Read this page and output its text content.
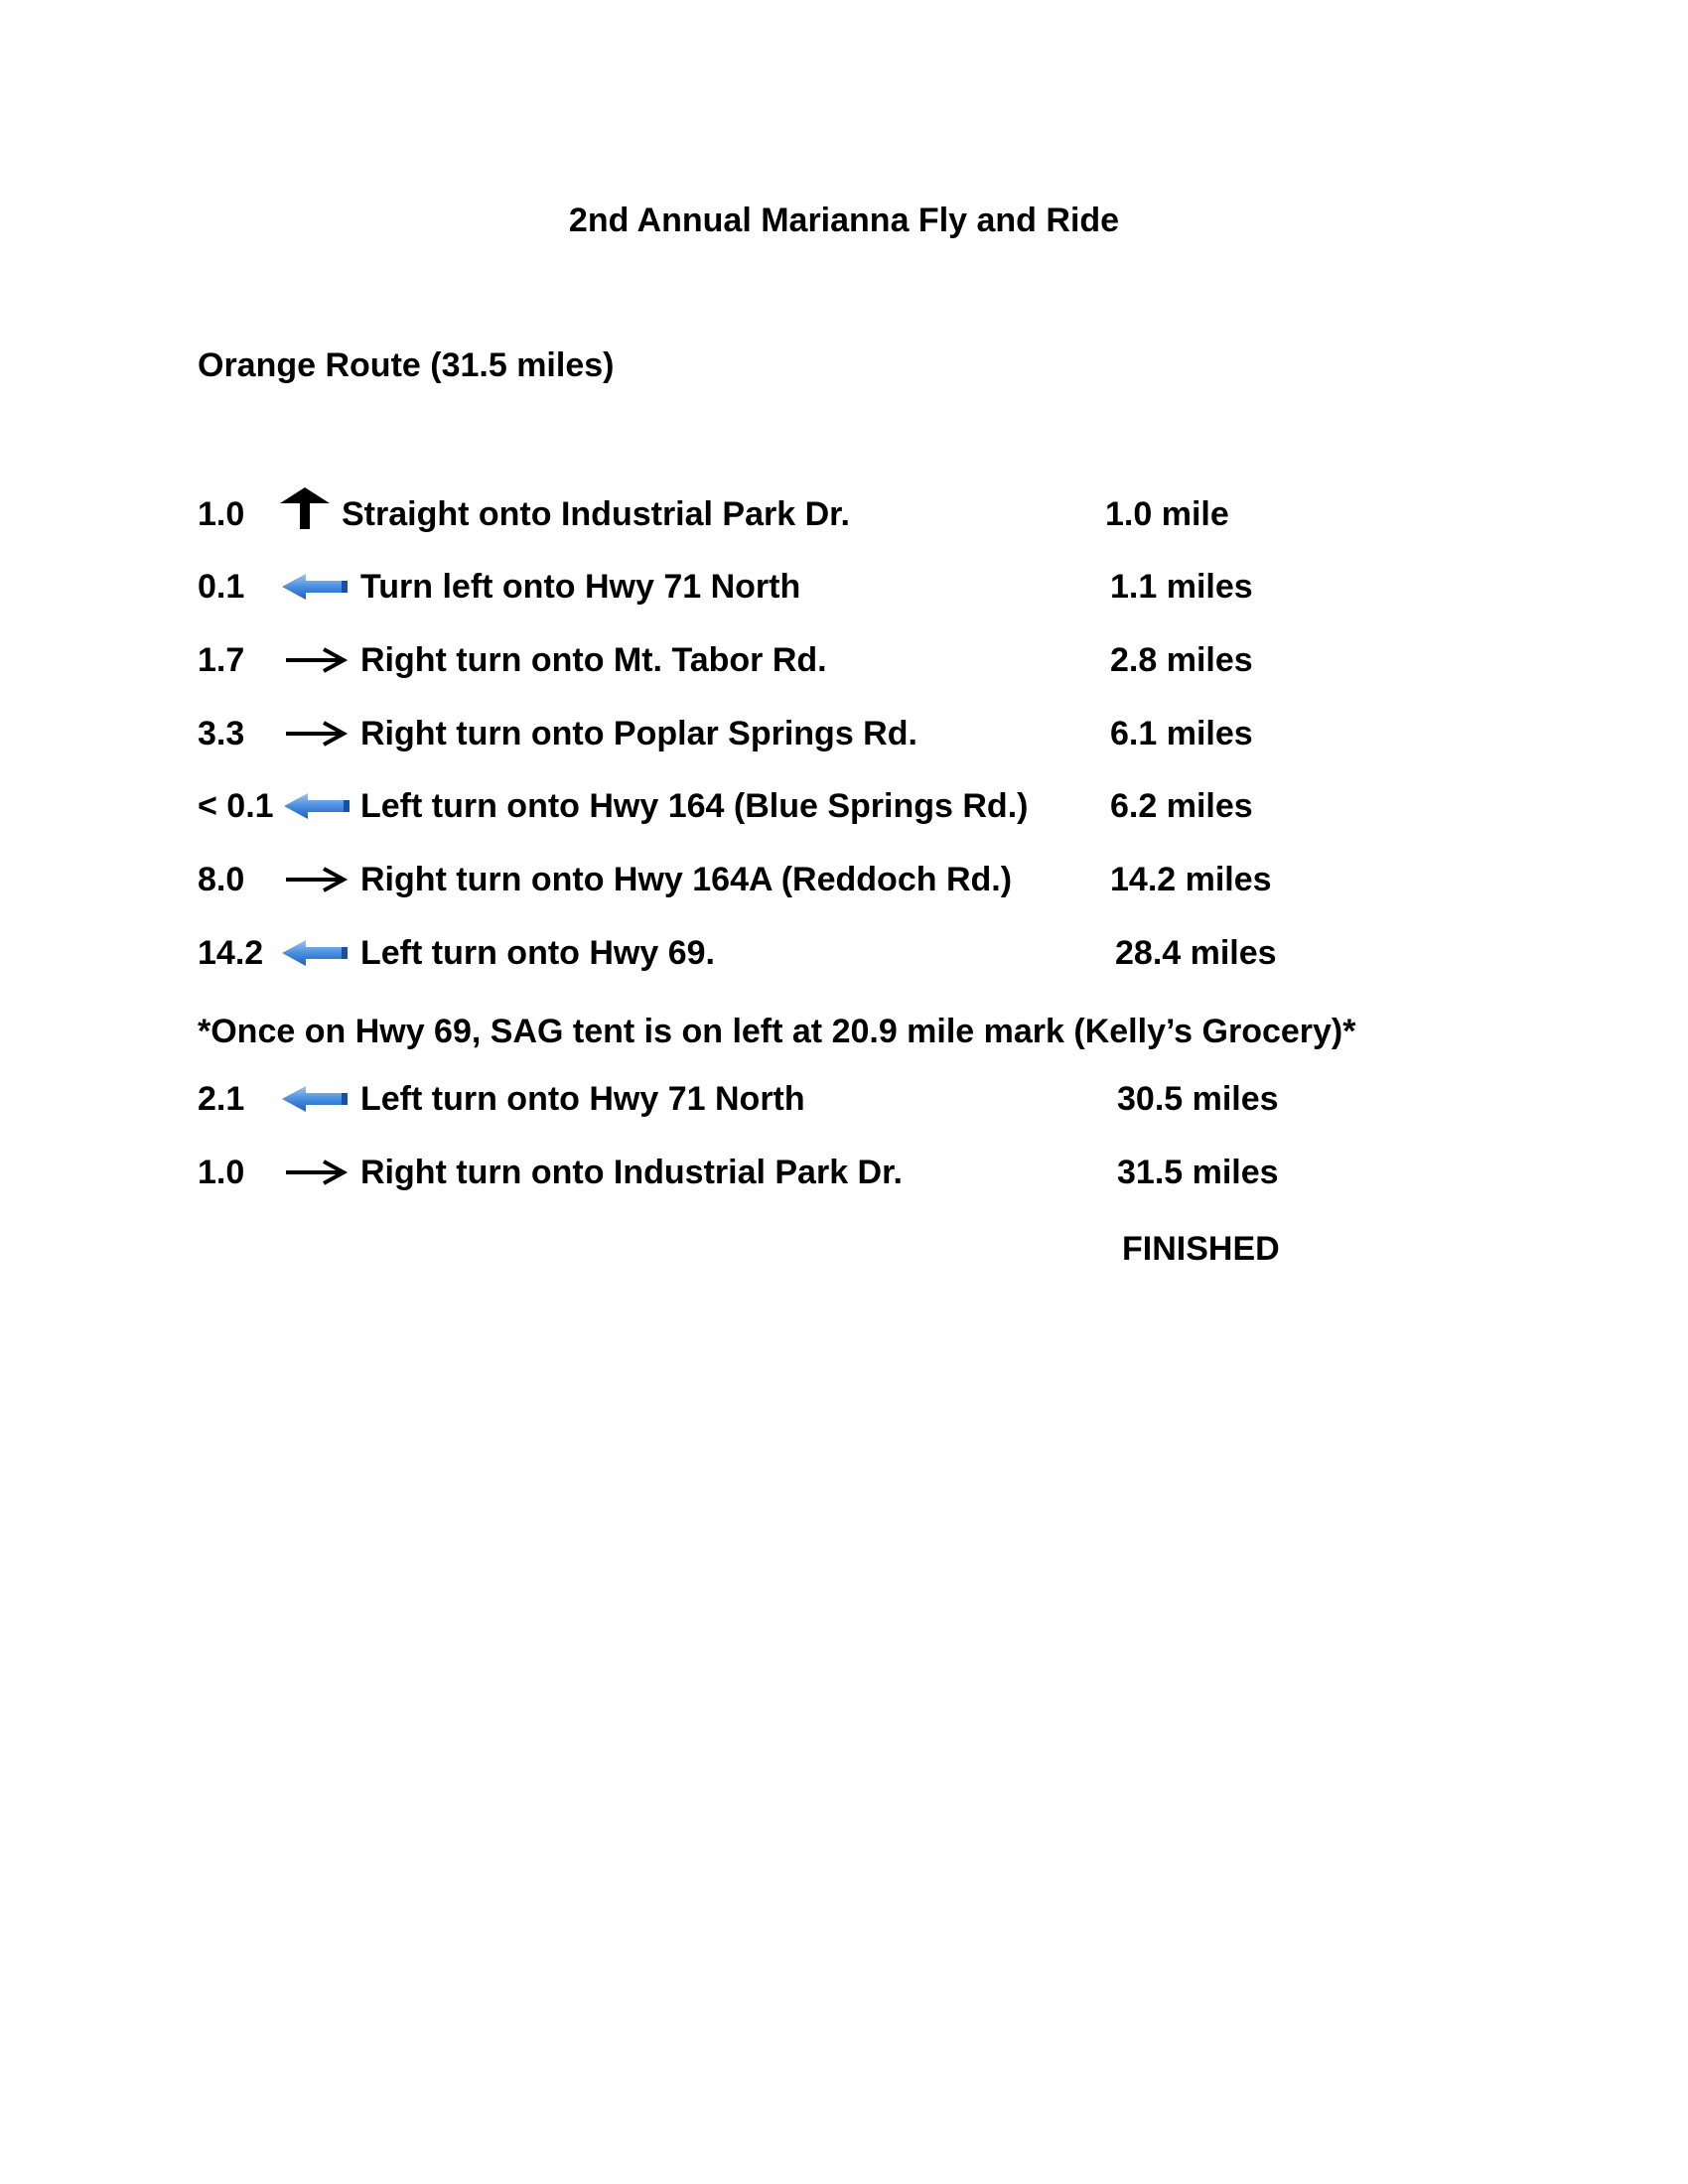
2nd Annual Marianna Fly and Ride
Orange Route (31.5 miles)
1.0	Straight onto Industrial Park Dr.	1.0 mile
0.1	Turn left onto Hwy 71 North	1.1 miles
1.7	Right turn onto Mt. Tabor Rd.	2.8 miles
3.3	Right turn onto Poplar Springs Rd.	6.1 miles
< 0.1	Left turn onto Hwy 164 (Blue Springs Rd.) 6.2 miles
8.0	Right turn onto Hwy 164A (Reddoch Rd.)	14.2 miles
14.2	Left turn onto Hwy 69.	28.4 miles
*Once on Hwy 69, SAG tent is on left at 20.9 mile mark (Kelly’s Grocery)*
2.1	Left turn onto Hwy 71 North	30.5 miles
1.0	Right turn onto Industrial Park Dr.	31.5 miles
FINISHED
